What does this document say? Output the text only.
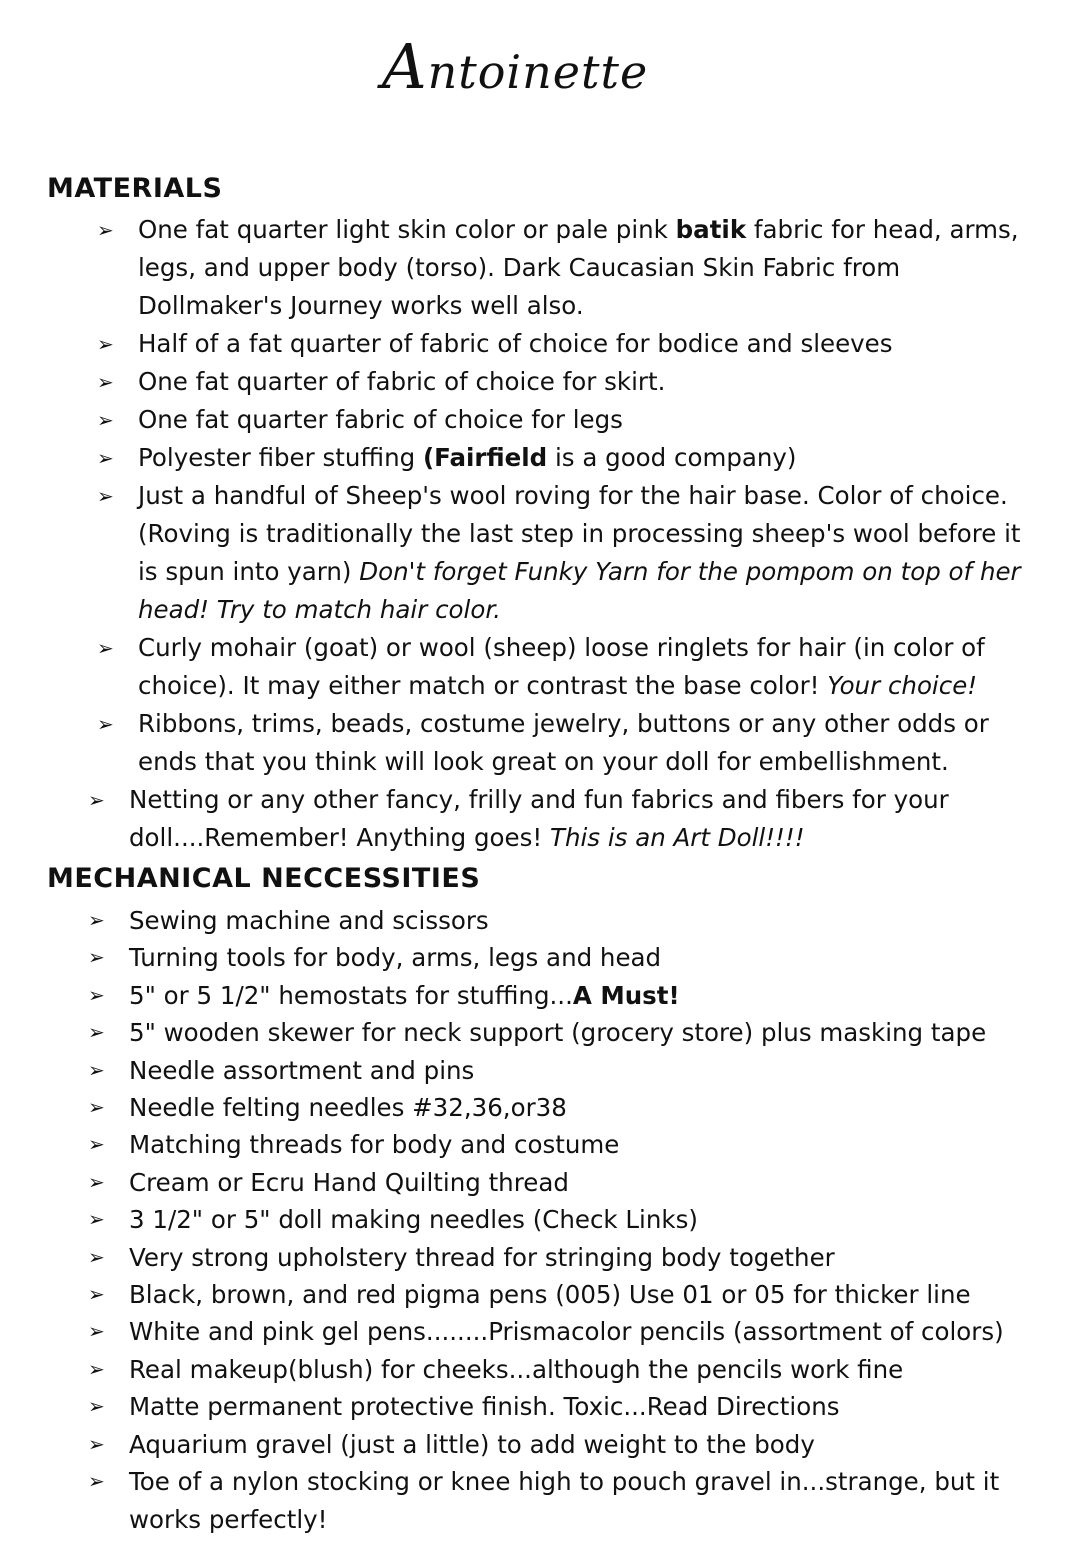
Antoinette
MATERIALS
➢ One fat quarter light skin color or pale pink batik fabric for head, arms, legs, and upper body (torso). Dark Caucasian Skin Fabric from Dollmaker's Journey works well also.
➢ Half of a fat quarter of fabric of choice for bodice and sleeves
➢ One fat quarter of fabric of choice for skirt.
➢ One fat quarter fabric of choice for legs
➢ Polyester fiber stuffing (Fairfield is a good company)
➢ Just a handful of Sheep's wool roving for the hair base. Color of choice. (Roving is traditionally the last step in processing sheep's wool before it is spun into yarn) Don't forget Funky Yarn for the pompom on top of her head! Try to match hair color.
➢ Curly mohair (goat) or wool (sheep) loose ringlets for hair (in color of choice). It may either match or contrast the base color! Your choice!
➢ Ribbons, trims, beads, costume jewelry, buttons or any other odds or ends that you think will look great on your doll for embellishment.
➢ Netting or any other fancy, frilly and fun fabrics and fibers for your doll....Remember! Anything goes! This is an Art Doll!!!!
MECHANICAL NECCESSITIES
➢ Sewing machine and scissors
➢ Turning tools for body, arms, legs and head
➢ 5" or 5 1/2" hemostats for stuffing...A Must!
➢ 5" wooden skewer for neck support (grocery store) plus masking tape
➢ Needle assortment and pins
➢ Needle felting needles #32,36,or38
➢ Matching threads for body and costume
➢ Cream or Ecru Hand Quilting thread
➢ 3 1/2" or 5" doll making needles (Check Links)
➢ Very strong upholstery thread for stringing body together
➢ Black, brown, and red pigma pens (005) Use 01 or 05 for thicker line
➢ White and pink gel pens........Prismacolor pencils (assortment of colors)
➢ Real makeup(blush) for cheeks...although the pencils work fine
➢ Matte permanent protective finish. Toxic...Read Directions
➢ Aquarium gravel (just a little) to add weight to the body
➢ Toe of a nylon stocking or knee high to pouch gravel in...strange, but it works perfectly!
